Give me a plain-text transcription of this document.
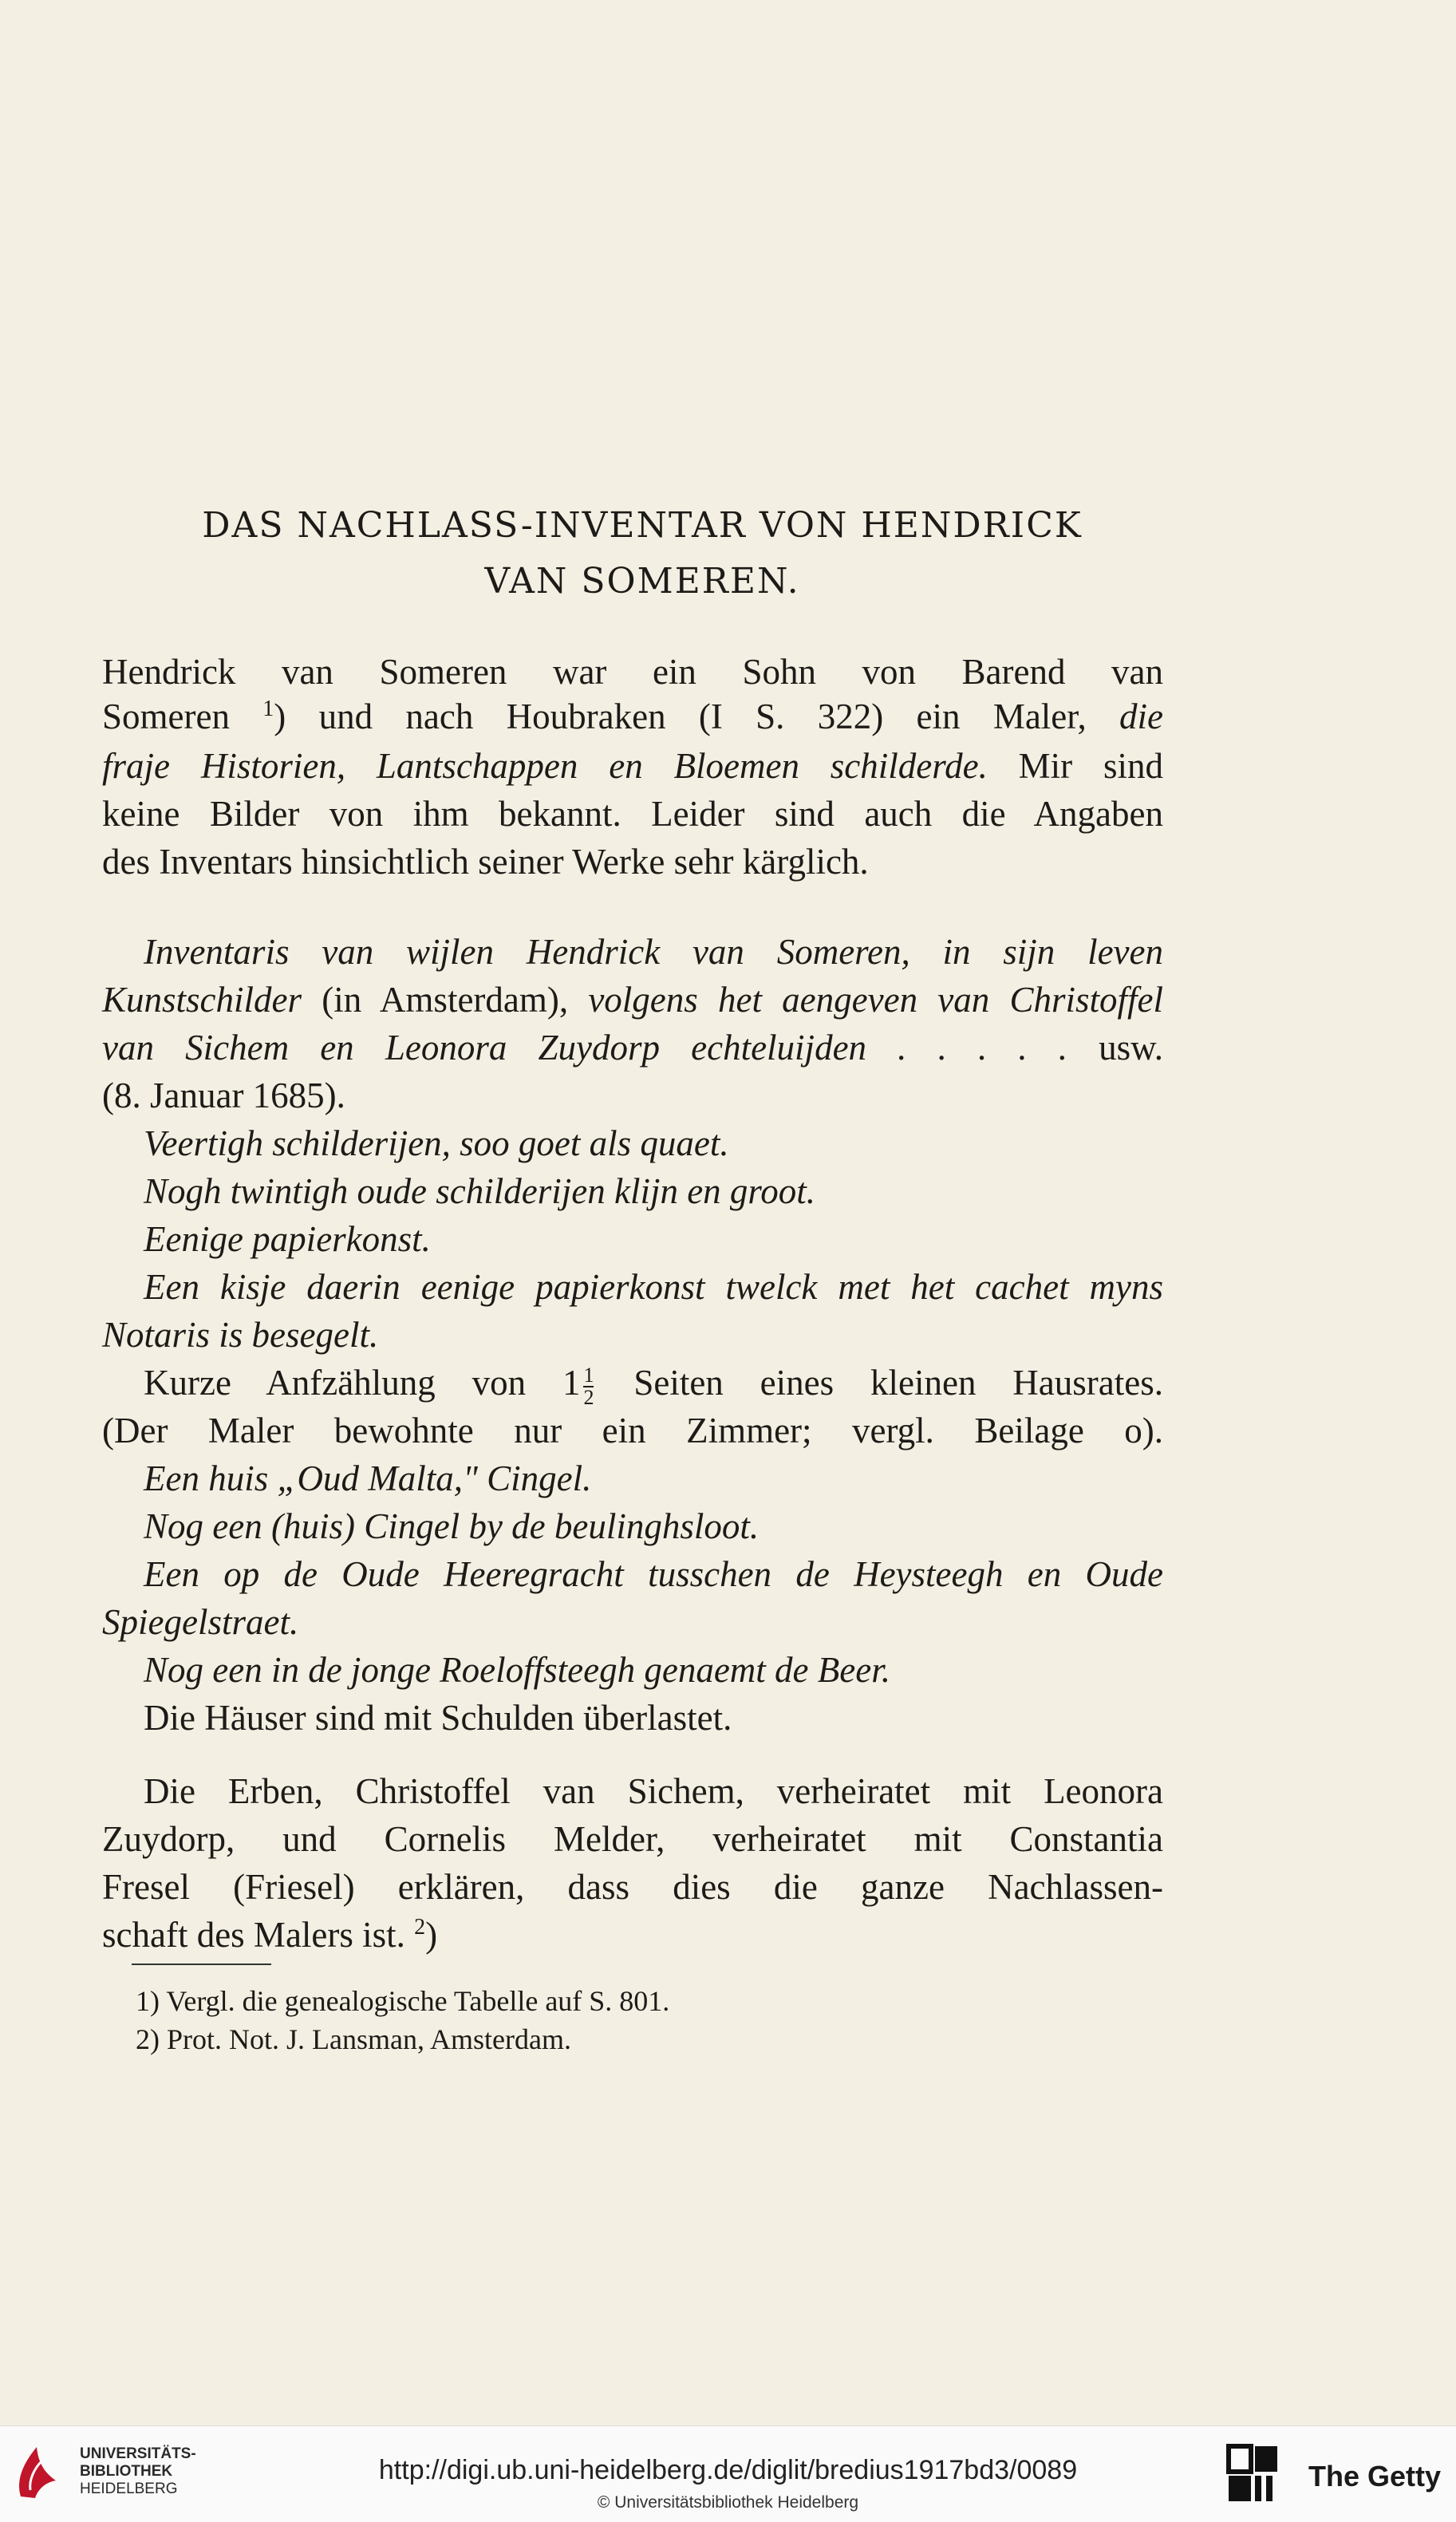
DAS NACHLASS-INVENTAR VON HENDRICK
VAN SOMEREN.
Hendrick van Someren war ein Sohn von Barend van
Someren $^1$) und nach Houbraken (I S. 322) ein Maler, die
fraje Historien, Lantschappen en Bloemen schilderde. Mir sind
keine Bilder von ihm bekannt. Leider sind auch die Angaben
des Inventars hinsichtlich seiner Werke sehr kärglich.
Inventaris van wijlen Hendrick van Someren, in sijn leven
Kunstschilder (in Amsterdam), volgens het aengeven van Christoffel
van Sichem en Leonora Zuydorp echteluijden . . . . . usw.
(8. Januar 1685).
Veertigh schilderijen, soo goet als quaet.
Nogh twintigh oude schilderijen klijn en groot.
Eenige papierkonst.
Een kisje daerin eenige papierkonst twelck met het cachet myns
Notaris is besegelt.
Kurze Anfzählung von $1 \frac{1}{2}$ Seiten eines kleinen Hausrates.
(Der Maler bewohnte nur ein Zimmer; vergl. Beilage o).
Een huis „Oud Malta," Cingel.
Nog een (huis) Cingel by de beulinghsloot.
Een op de Oude Heeregracht tusschen de Heysteegh en Oude
Spiegelstraet.
Nog een in de jonge Roeloffsteegh genaemt de Beer.
Die Häuser sind mit Schulden überlastet.
Die Erben, Christoffel van Sichem, verheiratet mit Leonora
Zuydorp, und Cornelis Melder, verheiratet mit Constantia
Fresel (Friesel) erklären, dass dies die ganze Nachlassen-
schaft des Malers ist. $^2$)
1) Vergl. die genealogische Tabelle auf S. 801.
2) Prot. Not. J. Lansman, Amsterdam.
UNIVERSITÄTS-
BIBLIOTHEK
HEIDELBERG
http://digi.ub.uni-heidelberg.de/diglit/bredius1917bd3/0089
© Universitätsbibliothek Heidelberg
The Getty
